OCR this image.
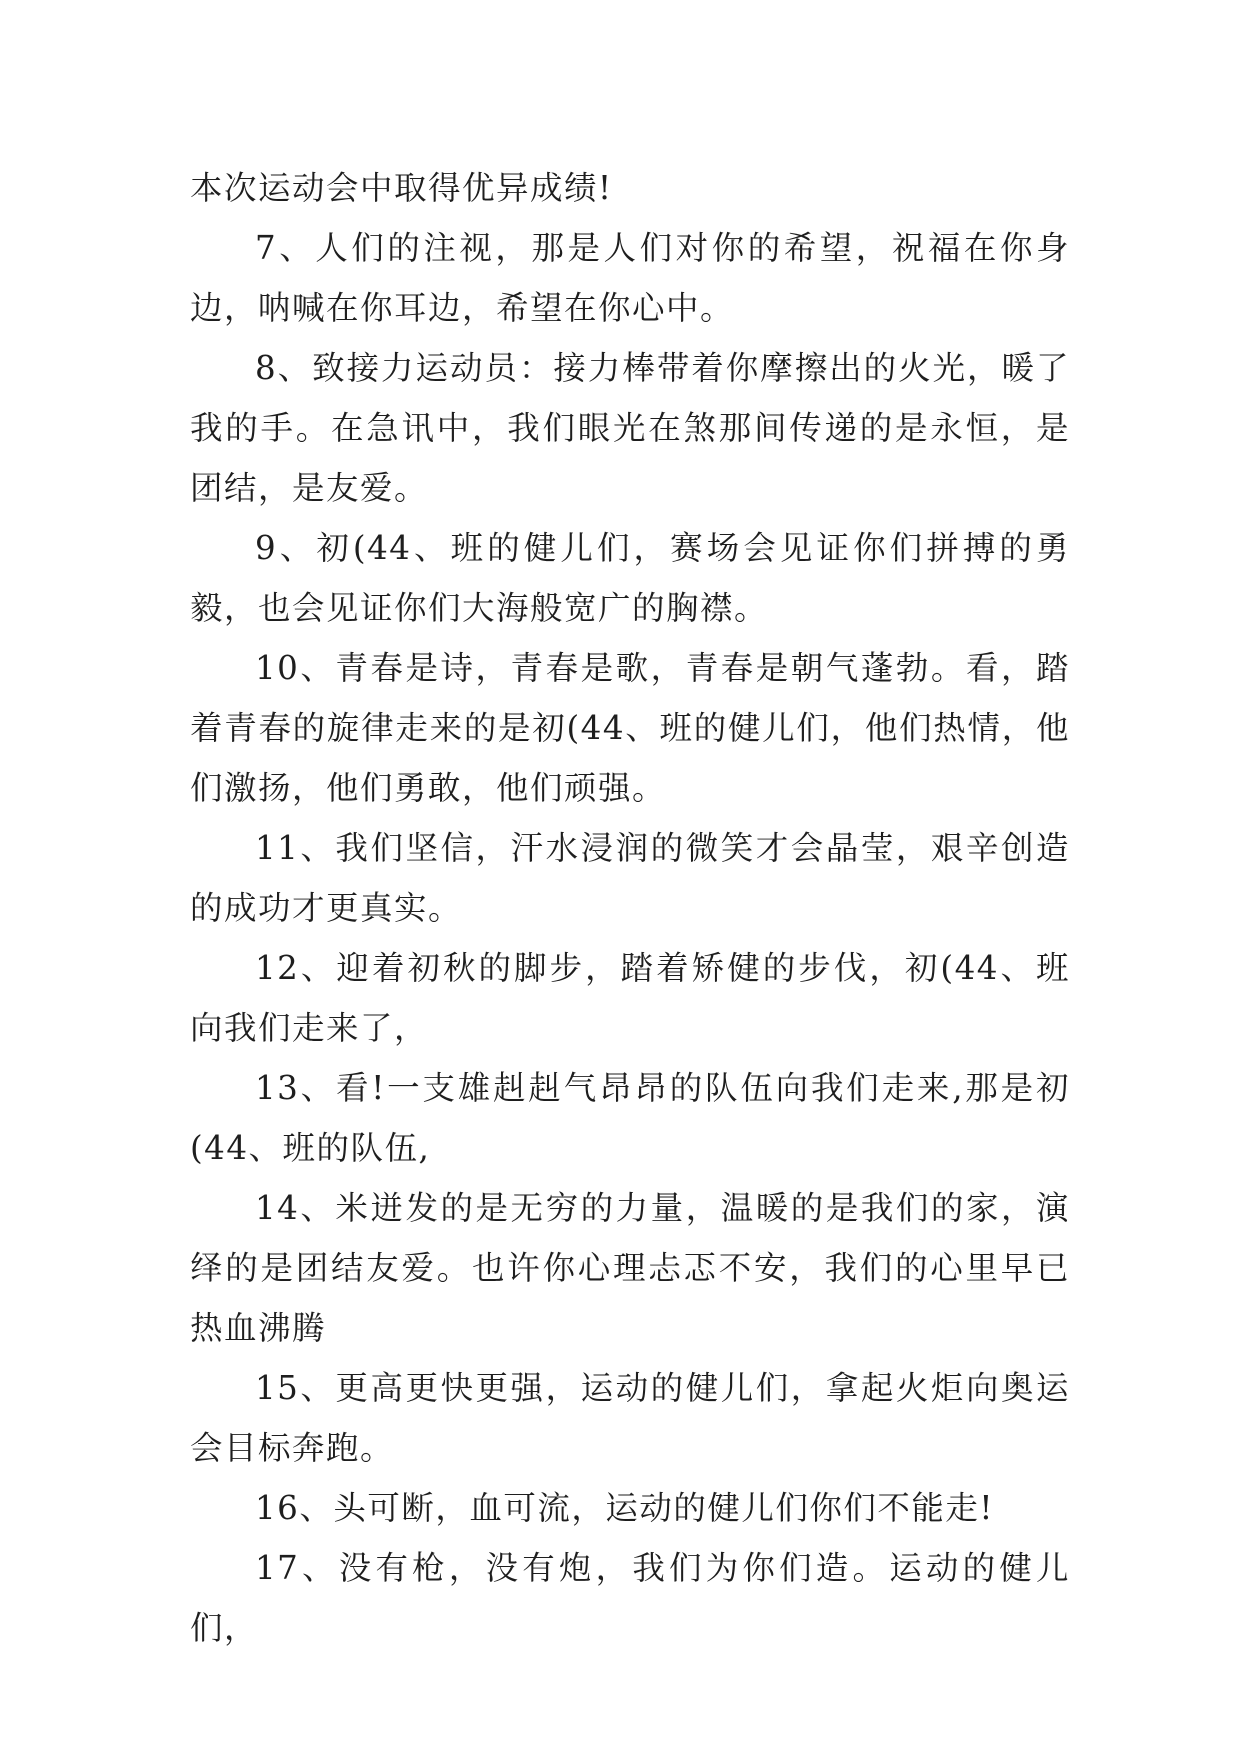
本次运动会中取得优异成绩!

7、人们的注视，那是人们对你的希望，祝福在你身边，呐喊在你耳边，希望在你心中。

8、致接力运动员：接力棒带着你摩擦出的火光，暖了我的手。在急讯中，我们眼光在煞那间传递的是永恒，是团结，是友爱。

9、初(44、班的健儿们，赛场会见证你们拼搏的勇毅，也会见证你们大海般宽广的胸襟。

10、青春是诗，青春是歌，青春是朝气蓬勃。看，踏着青春的旋律走来的是初(44、班的健儿们，他们热情，他们激扬，他们勇敢，他们顽强。

11、我们坚信，汗水浸润的微笑才会晶莹，艰辛创造的成功才更真实。

12、迎着初秋的脚步，踏着矫健的步伐，初(44、班向我们走来了，

13、看!一支雄赳赳气昂昂的队伍向我们走来,那是初(44、班的队伍,

14、米迸发的是无穷的力量，温暖的是我们的家，演绎的是团结友爱。也许你心理忐忑不安，我们的心里早已热血沸腾

15、更高更快更强，运动的健儿们，拿起火炬向奥运会目标奔跑。

16、头可断，血可流，运动的健儿们你们不能走!

17、没有枪，没有炮，我们为你们造。运动的健儿们，
